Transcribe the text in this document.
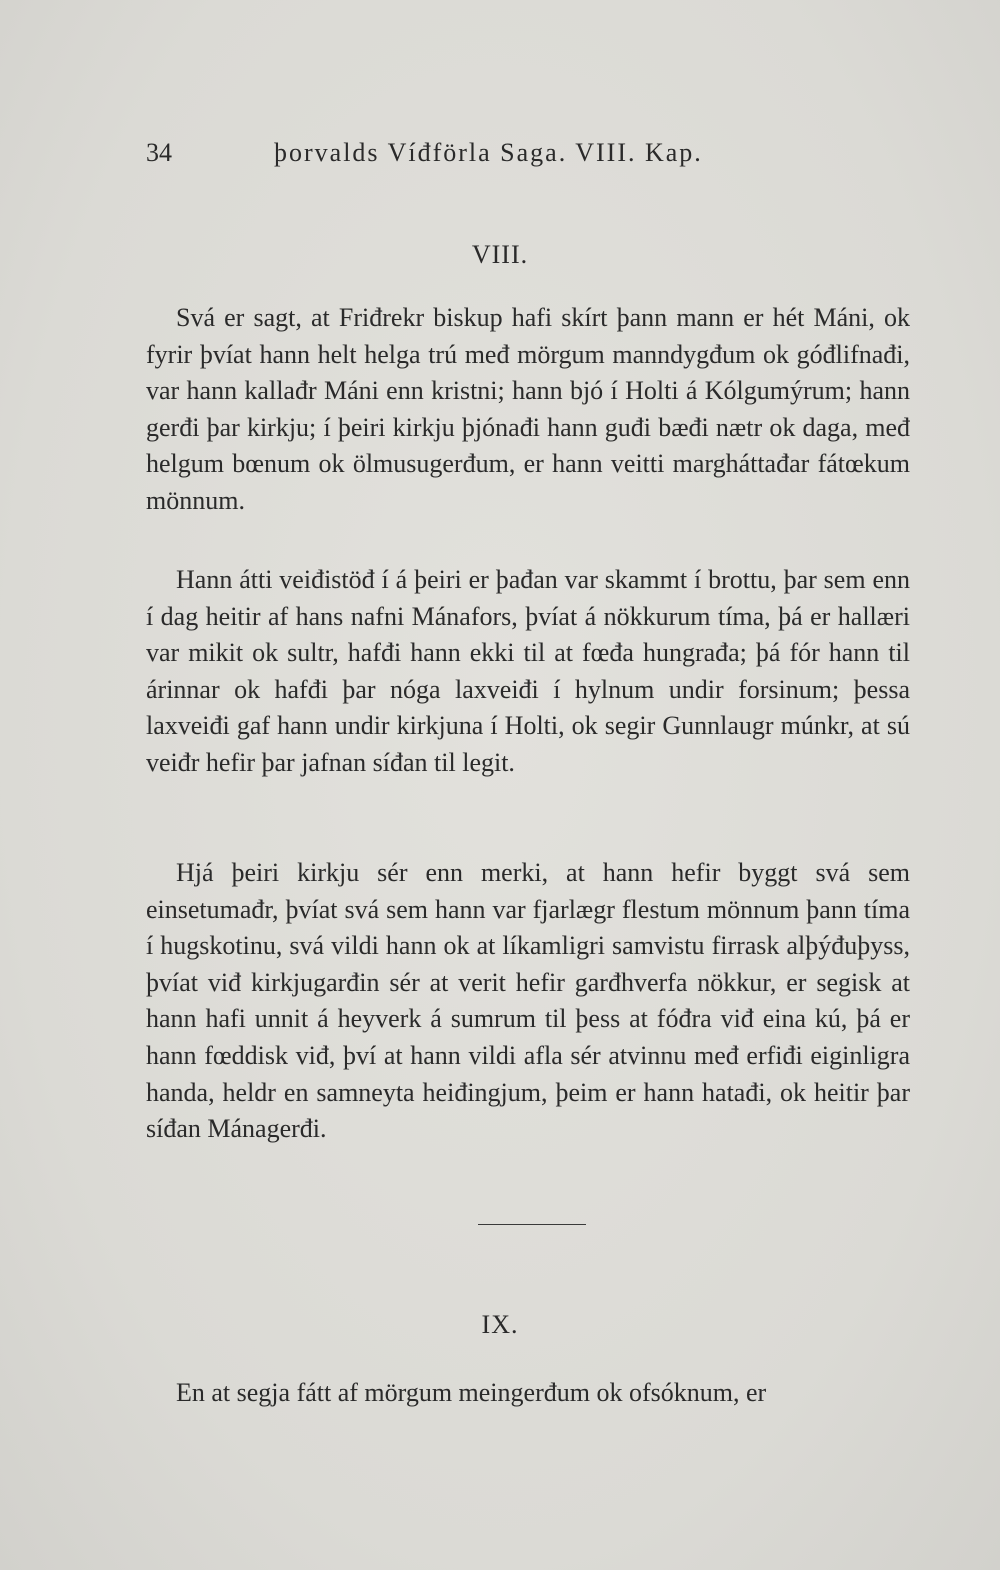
34	þorvalds Víđförla Saga. VIII. Kap.
VIII.

Svá er sagt, at Friđrekr biskup hafi skírt þann mann er hét Máni, ok fyrir þvíat hann helt helga trú međ mörgum manndygđum ok góđlifnađi, var hann kallađr Máni enn kristni; hann bjó í Holti á Kólgumýrum; hann gerđi þar kirkju; í þeiri kirkju þjónađi hann guđi bæđi nætr ok daga, međ helgum bœnum ok ölmusugerđum, er hann veitti margháttađar fátœkum mönnum.

Hann átti veiđistöđ í á þeiri er þađan var skammt í brottu, þar sem enn í dag heitir af hans nafni Mánafors, þvíat á nökkurum tíma, þá er hallæri var mikit ok sultr, hafđi hann ekki til at fœđa hungrađa; þá fór hann til árinnar ok hafđi þar nóga laxveiđi í hylnum undir forsinum; þessa laxveiđi gaf hann undir kirkjuna í Holti, ok segir Gunnlaugr múnkr, at sú veiđr hefir þar jafnan síđan til legit.

Hjá þeiri kirkju sér enn merki, at hann hefir byggt svá sem einsetumađr, þvíat svá sem hann var fjarlægr flestum mönnum þann tíma í hugskotinu, svá vildi hann ok at líkamligri samvistu firrask alþýđuþyss, þvíat viđ kirkjugarđin sér at verit hefir garđhverfa nökkur, er segisk at hann hafi unnit á heyverk á sumrum til þess at fóđra viđ eina kú, þá er hann fœddisk viđ, því at hann vildi afla sér atvinnu međ erfiđi eiginligra handa, heldr en samneyta heiđingjum, þeim er hann hatađi, ok heitir þar síđan Mánagerđi.

IX.

En at segja fátt af mörgum meingerđum ok ofsóknum, er
